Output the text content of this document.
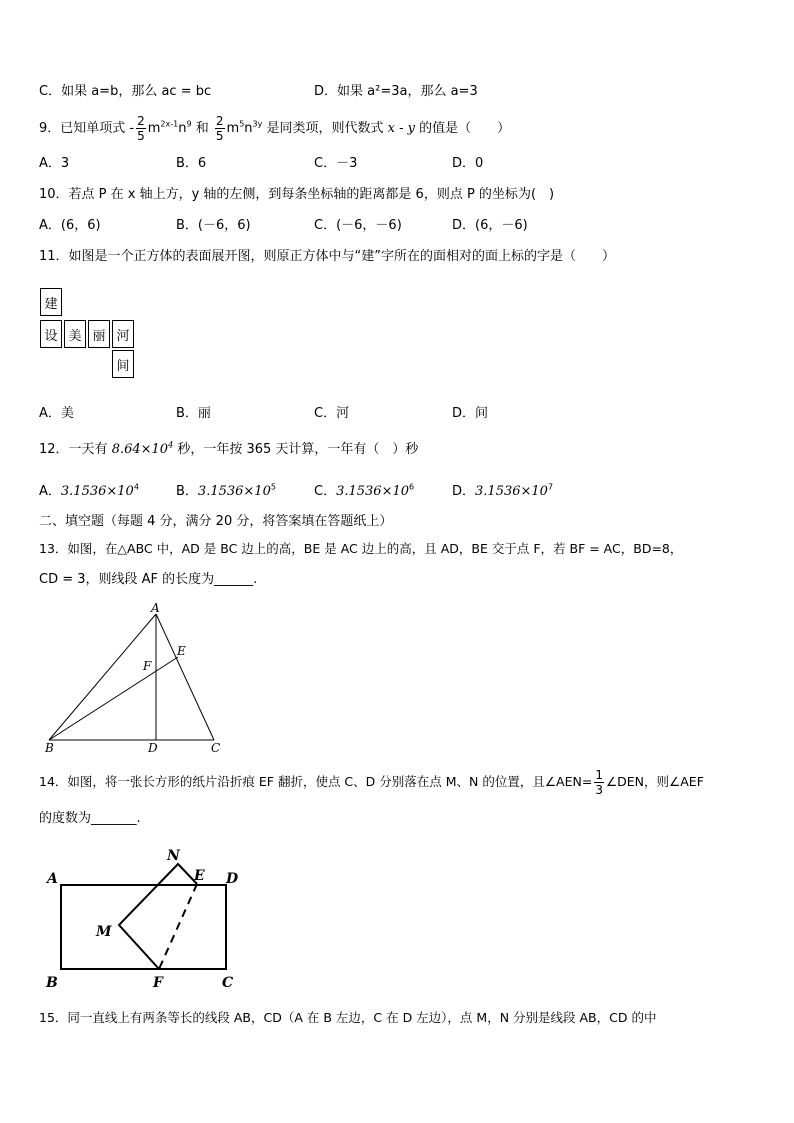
C．如果 a=b，那么 ac = bc	D．如果 a²=3a，那么 a=3
9．已知单项式 - $\frac{2}{5} m^{2x-1}n^9$ 和 $\frac{2}{5} m^5n^{3y}$ 是同类项，则代数式 x - y 的值是（　　）
A．3	B．6	C．－3	D．0
10．若点 P 在 x 轴上方，y 轴的左侧，到每条坐标轴的距离都是 6，则点 P 的坐标为(　)
A．(6，6)	B．(－6，6)	C．(－6，－6)	D．(6，－6)
11．如图是一个正方体的表面展开图，则原正方体中与“建”字所在的面相对的面上标的字是（　　）
建
设 美 丽 河
间
A．美	B．丽	C．河	D．间
12．一天有 $8.64\times 10^4$ 秒，一年按 365 天计算，一年有（　）秒
A．$3.1536\times 10^4$	B．$3.1536\times 10^5$	C．$3.1536\times 10^6$	D．$3.1536\times 10^7$
二、填空题（每题 4 分，满分 20 分，将答案填在答题纸上）
13．如图，在△ABC 中，AD 是 BC 边上的高，BE 是 AC 边上的高，且 AD，BE 交于点 F，若 BF = AC，BD=8，
CD = 3，则线段 AF 的长度为______.
A
E
F
B	D	C
N
A	E D
M
B	F	C
14．如图，将一张长方形的纸片沿折痕 EF 翻折，使点 C、D 分别落在点 M、N 的位置，且∠AEN= $\frac{1}{3}$ ∠DEN，则∠AEF
的度数为_______.
15．同一直线上有两条等长的线段 AB，CD（A 在 B 左边，C 在 D 左边），点 M，N 分别是线段 AB，CD 的中
